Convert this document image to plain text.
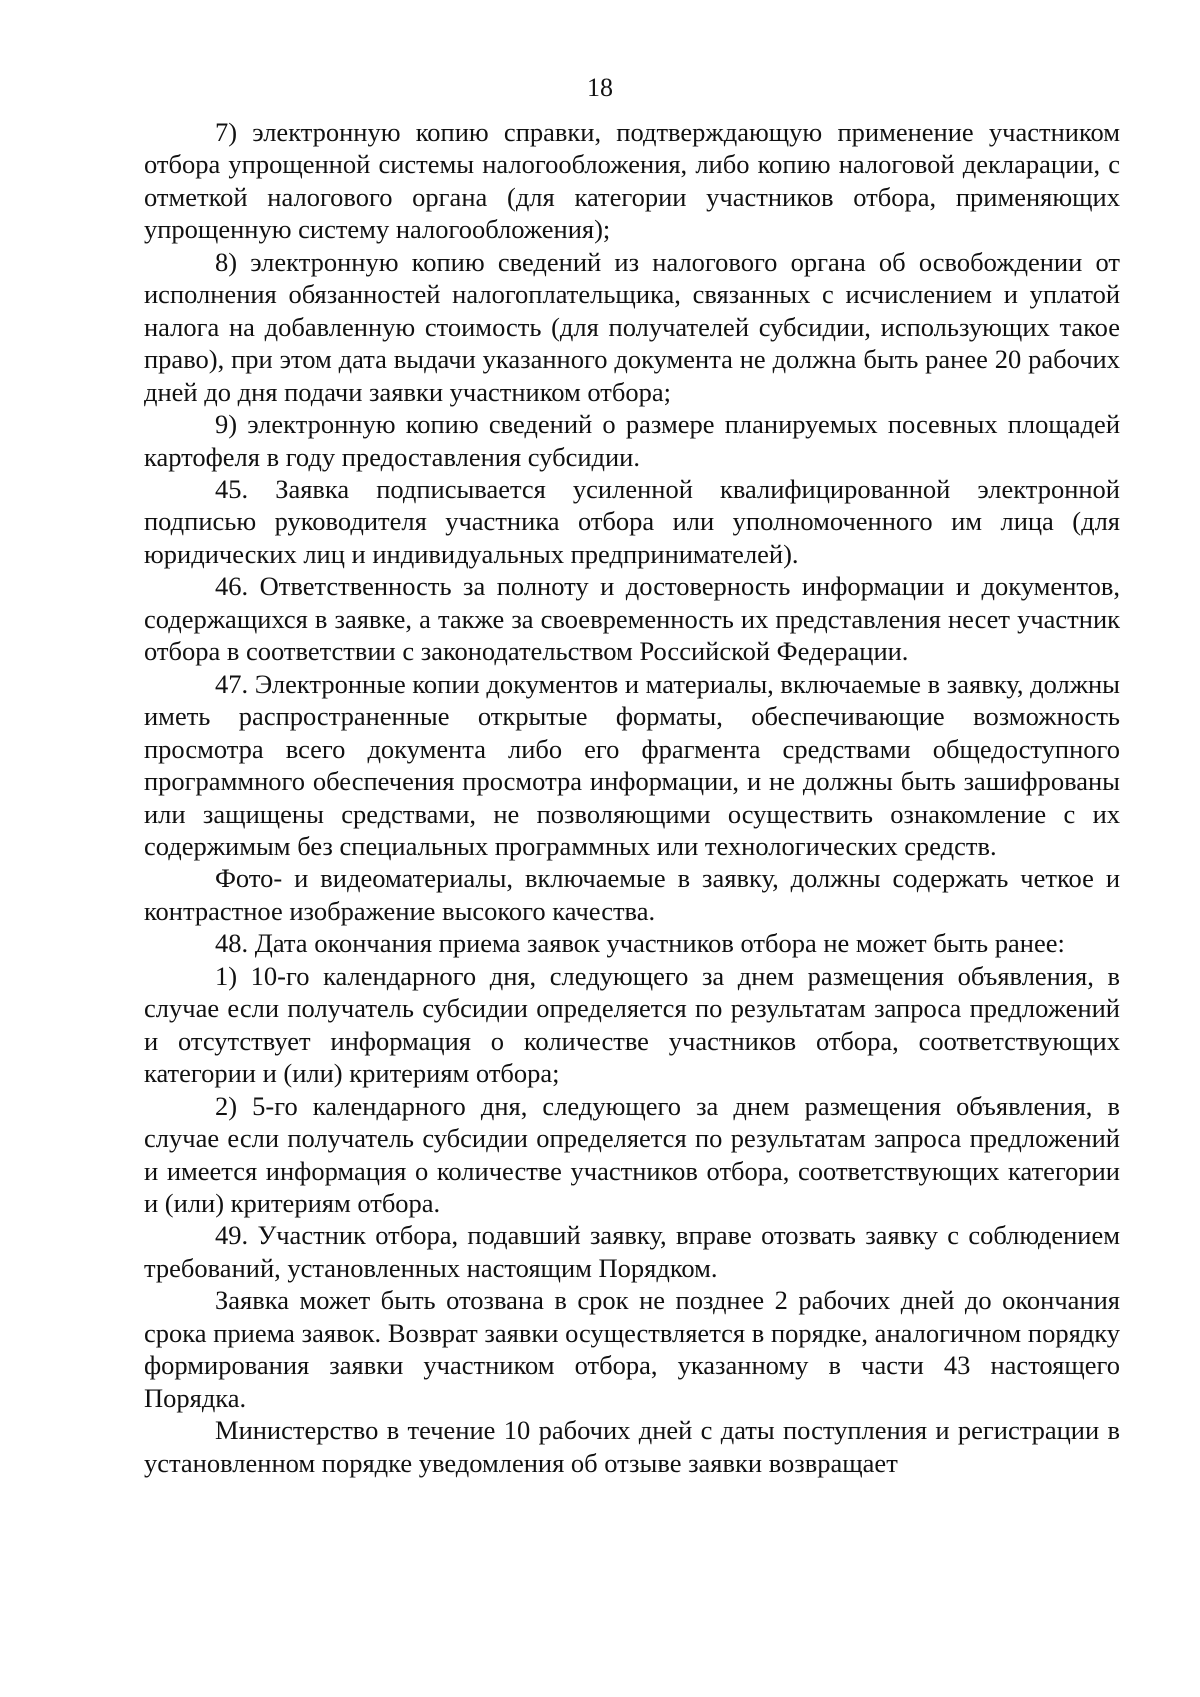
18

7) электронную копию справки, подтверждающую применение участником отбора упрощенной системы налогообложения, либо копию налоговой декларации, с отметкой налогового органа (для категории участников отбора, применяющих упрощенную систему налогообложения);

8) электронную копию сведений из налогового органа об освобождении от исполнения обязанностей налогоплательщика, связанных с исчислением и уплатой налога на добавленную стоимость (для получателей субсидии, использующих такое право), при этом дата выдачи указанного документа не должна быть ранее 20 рабочих дней до дня подачи заявки участником отбора;

9) электронную копию сведений о размере планируемых посевных площадей картофеля в году предоставления субсидии.

45. Заявка подписывается усиленной квалифицированной электронной подписью руководителя участника отбора или уполномоченного им лица (для юридических лиц и индивидуальных предпринимателей).

46. Ответственность за полноту и достоверность информации и документов, содержащихся в заявке, а также за своевременность их представления несет участник отбора в соответствии с законодательством Российской Федерации.

47. Электронные копии документов и материалы, включаемые в заявку, должны иметь распространенные открытые форматы, обеспечивающие возможность просмотра всего документа либо его фрагмента средствами общедоступного программного обеспечения просмотра информации, и не должны быть зашифрованы или защищены средствами, не позволяющими осуществить ознакомление с их содержимым без специальных программных или технологических средств.

Фото- и видеоматериалы, включаемые в заявку, должны содержать четкое и контрастное изображение высокого качества.

48. Дата окончания приема заявок участников отбора не может быть ранее:

1) 10-го календарного дня, следующего за днем размещения объявления, в случае если получатель субсидии определяется по результатам запроса предложений и отсутствует информация о количестве участников отбора, соответствующих категории и (или) критериям отбора;

2) 5-го календарного дня, следующего за днем размещения объявления, в случае если получатель субсидии определяется по результатам запроса предложений и имеется информация о количестве участников отбора, соответствующих категории и (или) критериям отбора.

49. Участник отбора, подавший заявку, вправе отозвать заявку с соблюдением требований, установленных настоящим Порядком.

Заявка может быть отозвана в срок не позднее 2 рабочих дней до окончания срока приема заявок. Возврат заявки осуществляется в порядке, аналогичном порядку формирования заявки участником отбора, указанному в части 43 настоящего Порядка.

Министерство в течение 10 рабочих дней с даты поступления и регистрации в установленном порядке уведомления об отзыве заявки возвращает
